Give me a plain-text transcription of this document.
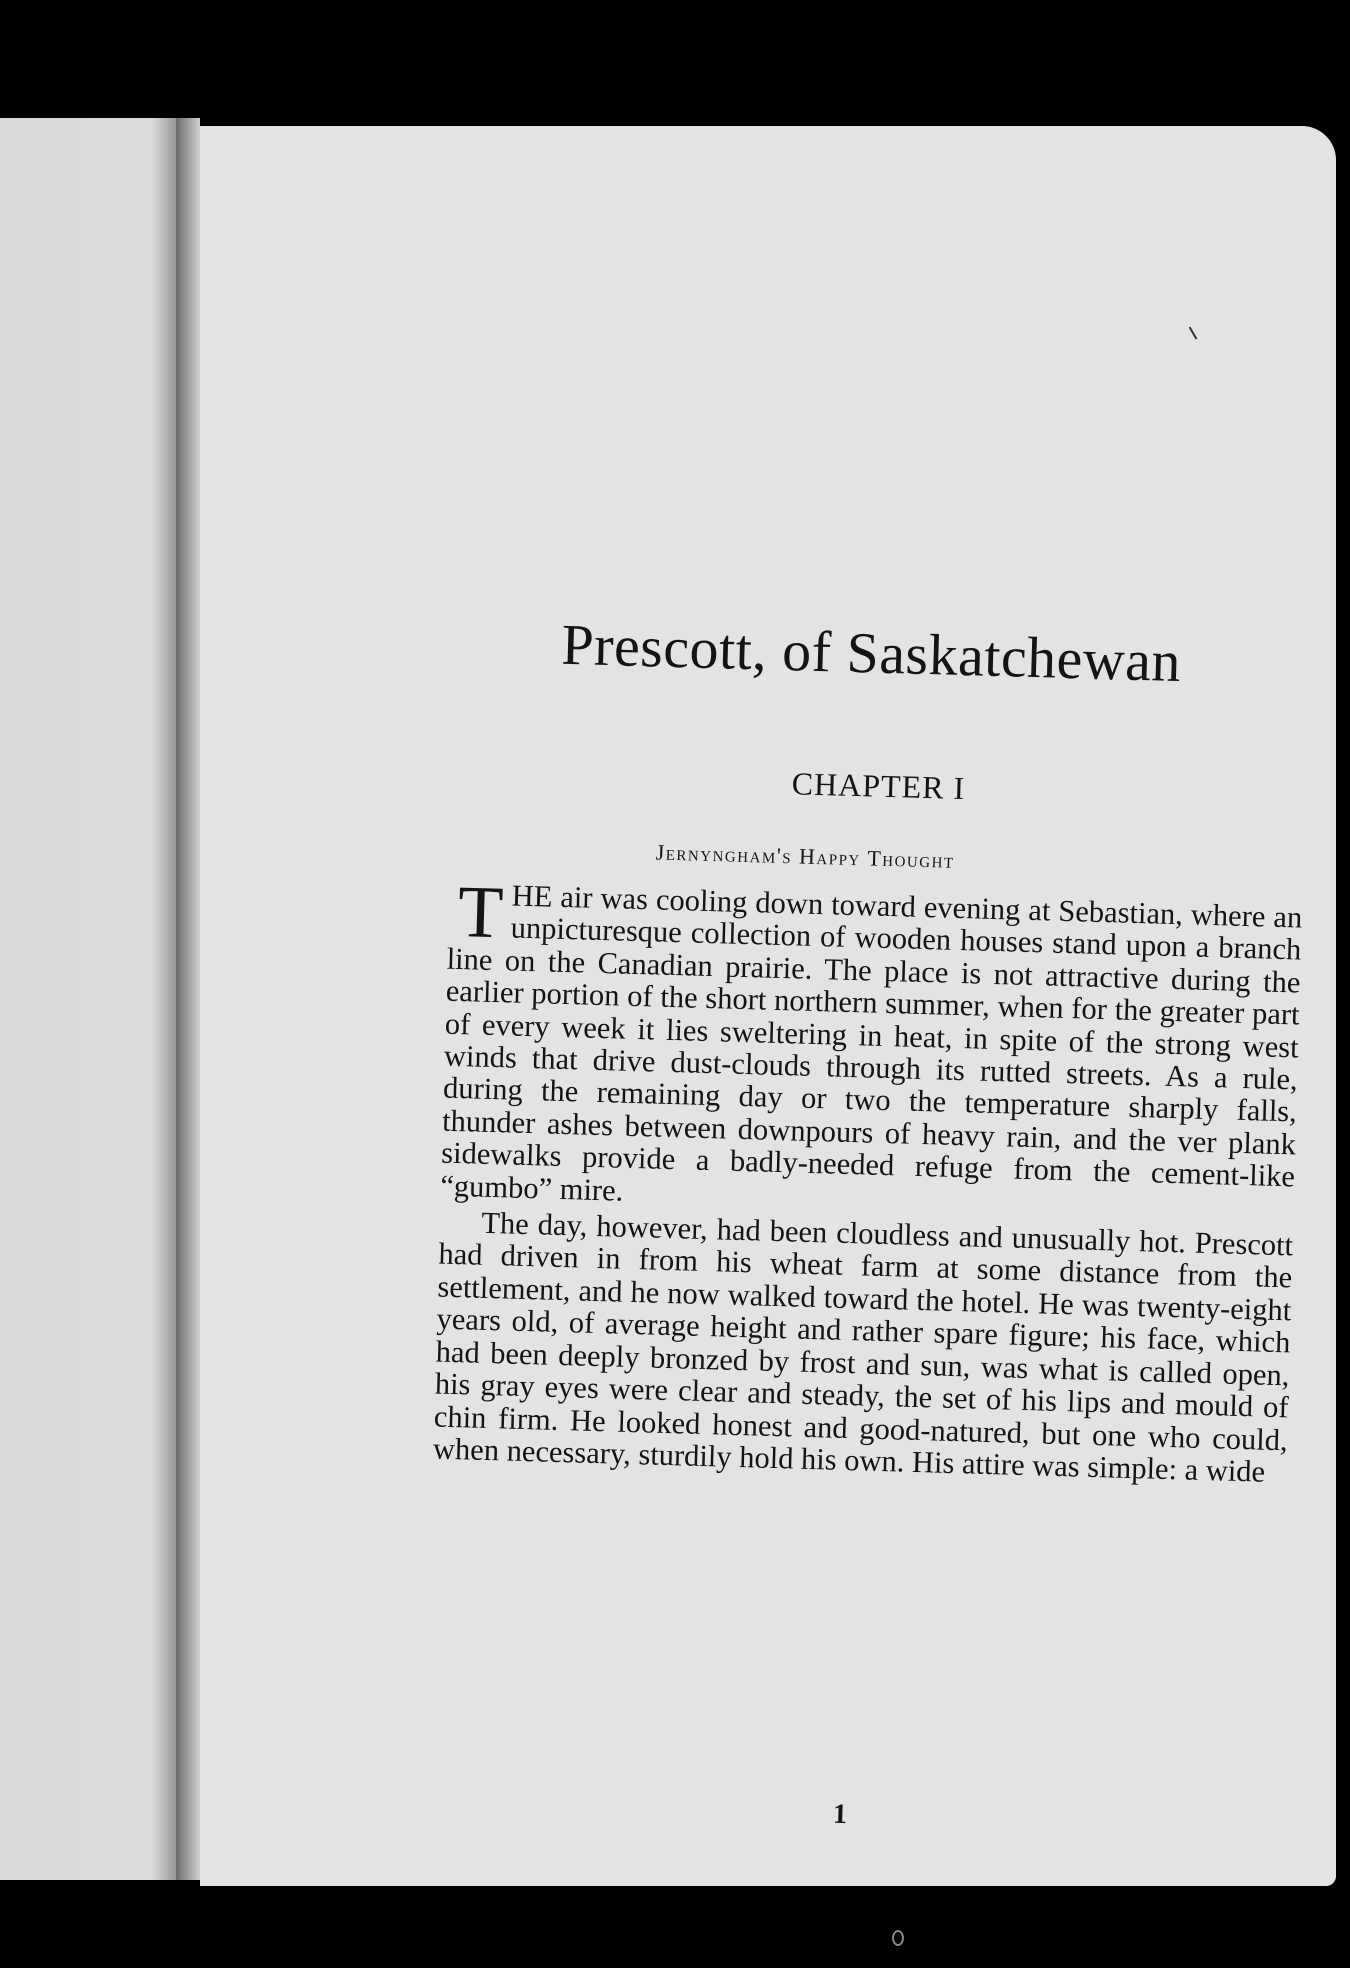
Prescott, of Saskatchewan
CHAPTER I
Jernyngham's Happy Thought

THE air was cooling down toward evening at Sebastian, where an unpicturesque collection of wooden houses stand upon a branch line on the Canadian prairie. The place is not attractive during the earlier portion of the short northern summer, when for the greater part of every week it lies sweltering in heat, in spite of the strong west winds that drive dust-clouds through its rutted streets. As a rule, during the remaining day or two the temperature sharply falls, thunder ashes between downpours of heavy rain, and the ver plank sidewalks provide a badly-needed refuge from the cement-like “gumbo” mire.

The day, however, had been cloudless and unusually hot. Prescott had driven in from his wheat farm at some distance from the settlement, and he now walked toward the hotel. He was twenty-eight years old, of average height and rather spare figure; his face, which had been deeply bronzed by frost and sun, was what is called open, his gray eyes were clear and steady, the set of his lips and mould of chin firm. He looked honest and good-natured, but one who could, when necessary, sturdily hold his own. His attire was simple: a wide

1
